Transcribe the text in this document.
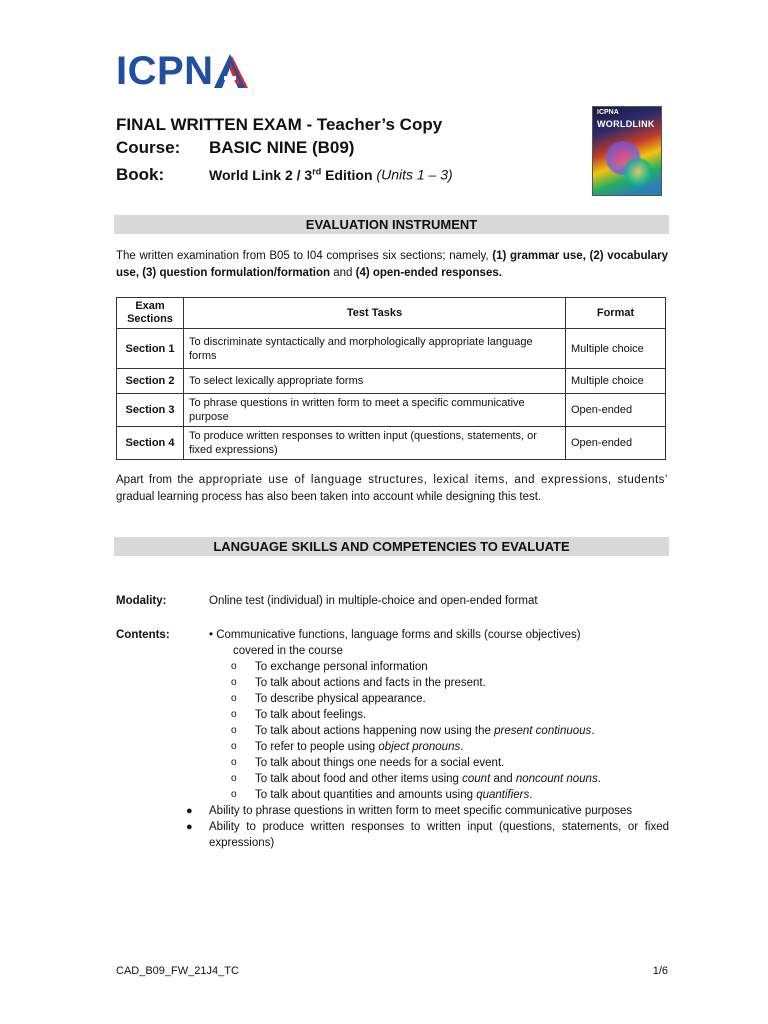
ICPN
FINAL WRITTEN EXAM - Teacher’s Copy
Course: BASIC NINE (B09)
Book:	World Link 2 / 3rd Edition (Units 1 – 3)
ICPNA
WORLDLINK
EVALUATION INSTRUMENT
The written examination from B05 to I04 comprises six sections; namely, (1) grammar use, (2) vocabulary use, (3) question formulation/formation and (4) open-ended responses.
Exam Sections	Test Tasks	Format
Section 1	To discriminate syntactically and morphologically appropriate language forms	Multiple choice
Section 2	To select lexically appropriate forms	Multiple choice
Section 3	To phrase questions in written form to meet a specific communicative purpose	Open-ended
Section 4	To produce written responses to written input (questions, statements, or fixed expressions)	Open-ended
Apart from the appropriate use of language structures, lexical items, and expressions, students’ gradual learning process has also been taken into account while designing this test.
LANGUAGE SKILLS AND COMPETENCIES TO EVALUATE
Modality:	Online test (individual) in multiple-choice and open-ended format
Contents:	• Communicative functions, language forms and skills (course objectives)
covered in the course
o To exchange personal information
o To talk about actions and facts in the present.
o To describe physical appearance.
o To talk about feelings.
o To talk about actions happening now using the present continuous.
o To refer to people using object pronouns.
o To talk about things one needs for a social event.
o To talk about food and other items using count and noncount nouns.
o To talk about quantities and amounts using quantifiers.
● Ability to phrase questions in written form to meet specific communicative purposes
● Ability to produce written responses to written input (questions, statements, or fixed expressions)
CAD_B09_FW_21J4_TC	1/6
